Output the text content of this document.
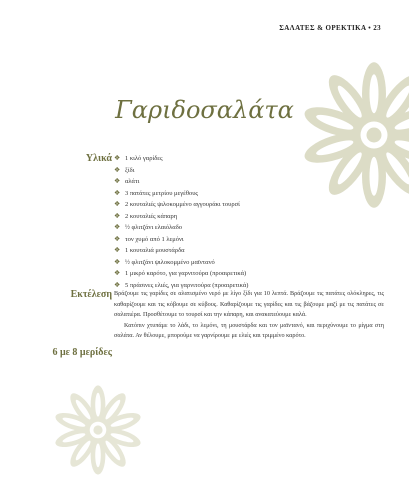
ΣΑΛΑΤΕΣ & ΟΡΕΚΤΙΚΑ • 23
Γαριδοσαλάτα
Υλικά ❖ 1 κιλό γαρίδες
❖ ξίδι
❖ αλάτι
❖ 3 πατάτες μετρίου μεγέθους
❖ 2 κουταλιές ψιλοκομμένο αγγουράκι τουρσί
❖ 2 κουταλιές κάπαρη
❖ ½ φλιτζάνι ελαιόλαδο
❖ τον χυμό από 1 λεμόνι
❖ 1 κουταλιά μουστάρδα
❖ ½ φλιτζάνι ψιλοκομμένο μαϊντανό
❖ 1 μικρό καρότο, για γαρνιτούρα (προαιρετικά)
❖ 5 πράσινες ελιές, για γαρνιτούρα (προαιρετικά)
Εκτέλεση Βράζουμε τις γαρίδες σε αλατισμένο νερό με λίγο ξίδι για 10 λεπτά. Βράζουμε τις πατάτες ολόκληρες, τις καθαρίζουμε και τις κόβουμε σε κύβους. Καθαρίζουμε τις γαρίδες και τις βάζουμε μαζί με τις πατάτες σε σαλατιέρα. Προσθέτουμε το τουρσί και την κάπαρη, και ανακατεύουμε καλά.

Κατόπιν χτυπάμε το λάδι, το λεμόνι, τη μουστάρδα και τον μαϊντανό, και περιχύνουμε το μίγμα στη σαλάτα. Αν θέλουμε, μπορούμε να γαρνίρουμε με ελιές και τριμμένο καρότο.

6 με 8 μερίδες
